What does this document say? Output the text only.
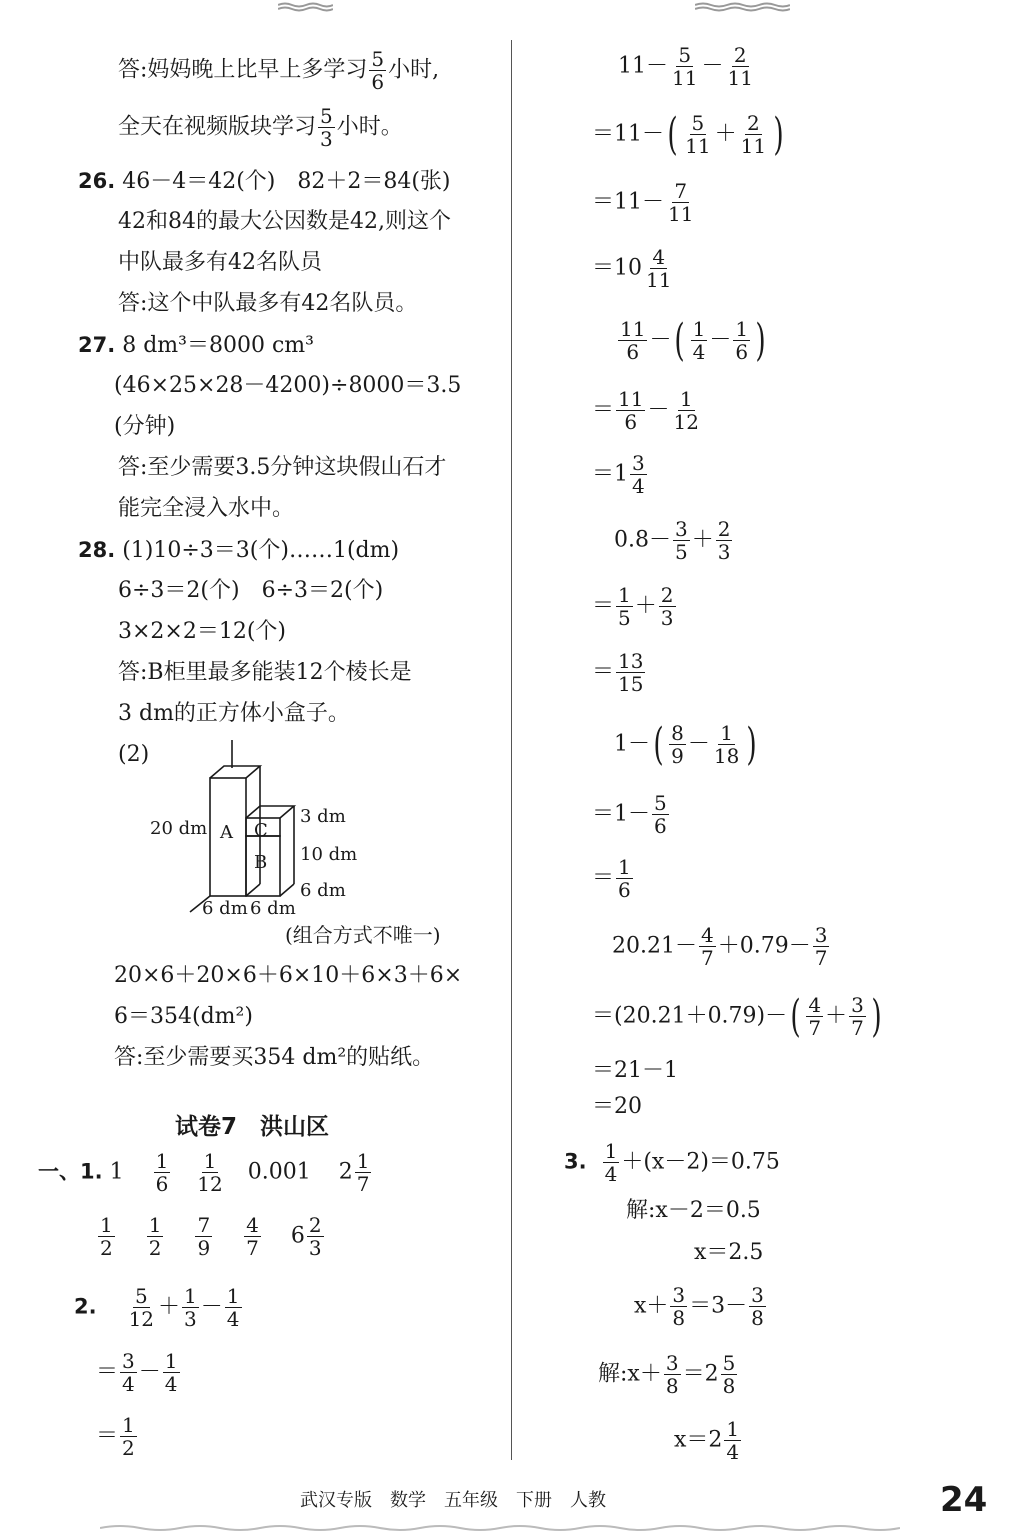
答:妈妈晚上比早上多学习 $\frac{5}{6}$ 小时,
全天在视频版块学习 $\frac{5}{3}$ 小时。
26. 46－4＝42(个)　82＋2＝84(张)
42和84的最大公因数是42,则这个
中队最多有42名队员
答:这个中队最多有42名队员。
27. 8 dm³＝8000 cm³
(46×25×28－4200)÷8000＝3.5
(分钟)
答:至少需要3.5分钟这块假山石才
能完全浸入水中。
28. (1)10÷3＝3(个)……1(dm)
6÷3＝2(个)　6÷3＝2(个)
3×2×2＝12(个)
答:B柜里最多能装12个棱长是
3 dm的正方体小盒子。
(2)
A C
B
20 dm
3 dm
10 dm
6 dm
6 dm 6 dm
(组合方式不唯一)
20×6＋20×6＋6×10＋6×3＋6×
6＝354(dm²)
答:至少需要买354 dm²的贴纸。
试卷7　洪山区
一、1. $1 \frac{1}{6}$
$\frac{1}{12} 0.001$ $2 \frac{1}{7}$
$\frac{1}{2}$
$\frac{1}{2}$
$\frac{7}{9}$
$\frac{4}{7} 6 \frac{2}{3}$
2. $\frac{5}{12} + \frac{1}{3} - \frac{1}{4}$
＝ $\frac{3}{4} - \frac{1}{4}$
＝ $\frac{1}{2}$
$11- \frac{5}{11} - \frac{2}{11}$
$=11-( \frac{5}{11} + \frac{2}{11}$ )
$=11- \frac{7}{11}$
$=10 \frac{4}{11}$
$\frac{11}{6}$ －( $\frac{1}{4} - \frac{1}{6}$ )
＝ $\frac{11}{6} - \frac{1}{12}$
$=1 \frac{3}{4}$
$0.8- \frac{3}{5} + \frac{2}{3}$
＝ $\frac{1}{5} + \frac{2}{3}$
＝ $\frac{13}{15}$
$1-( \frac{8}{9} - \frac{1}{18}$ )
$=1- \frac{5}{6}$
＝ $\frac{1}{6}$
$20.21- \frac{4}{7} +0.79- \frac{3}{7}$
$=(20.21+0.79)-( \frac{4}{7} + \frac{3}{7}$ )
＝21－1
＝20
3. $\frac{1}{4} +(x-2)=0.75$
解:x－2＝0.5
x＝2.5
$x+ \frac{3}{8} =3- \frac{3}{8}$
解:x＋ $\frac{3}{8} =2 \frac{5}{8}$
$x=2 \frac{1}{4}$
武汉专版　数学　五年级　下册　人教	24
